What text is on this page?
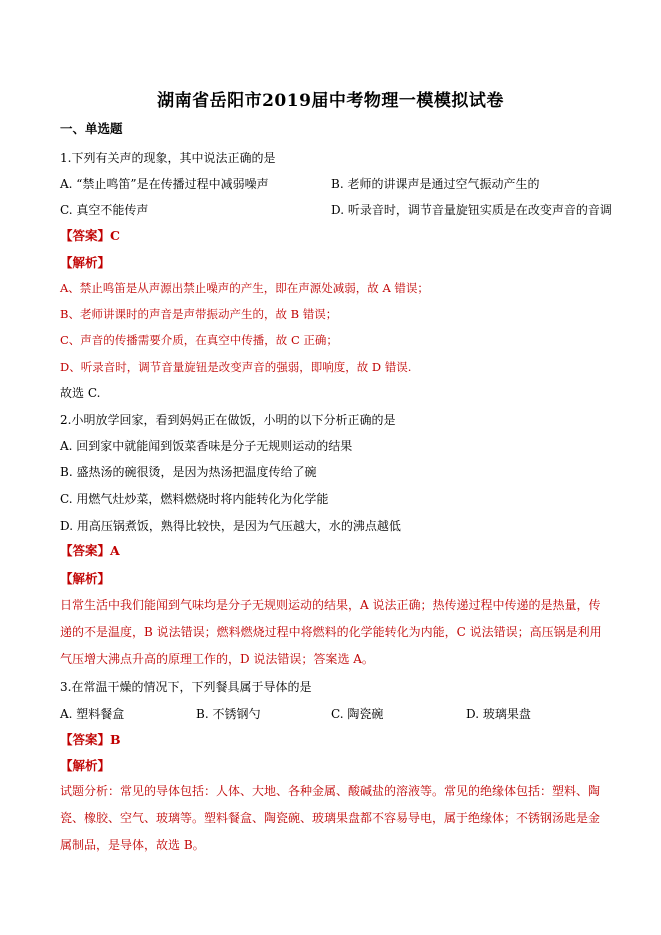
湖南省岳阳市2019届中考物理一模模拟试卷
一、单选题
1.下列有关声的现象，其中说法正确的是
A. “禁止鸣笛”是在传播过程中减弱噪声	B. 老师的讲课声是通过空气振动产生的
C. 真空不能传声	D. 听录音时，调节音量旋钮实质是在改变声音的音调
【答案】C
【解析】
A、禁止鸣笛是从声源出禁止噪声的产生，即在声源处减弱，故 A 错误；
B、老师讲课时的声音是声带振动产生的，故 B 错误；
C、声音的传播需要介质，在真空中传播，故 C 正确；
D、听录音时，调节音量旋钮是改变声音的强弱，即响度，故 D 错误.
故选 C.
2.小明放学回家，看到妈妈正在做饭，小明的以下分析正确的是
A. 回到家中就能闻到饭菜香味是分子无规则运动的结果
B. 盛热汤的碗很烫，是因为热汤把温度传给了碗
C. 用燃气灶炒菜，燃料燃烧时将内能转化为化学能
D. 用高压锅煮饭，熟得比较快，是因为气压越大，水的沸点越低
【答案】A
【解析】
日常生活中我们能闻到气味均是分子无规则运动的结果，A 说法正确；热传递过程中传递的是热量，传递的不是温度，B 说法错误；燃料燃烧过程中将燃料的化学能转化为内能，C 说法错误；高压锅是利用气压增大沸点升高的原理工作的，D 说法错误；答案选 A。
3.在常温干燥的情况下，下列餐具属于导体的是
A. 塑料餐盒	B. 不锈钢勺	C. 陶瓷碗	D. 玻璃果盘
【答案】B
【解析】
试题分析：常见的导体包括：人体、大地、各种金属、酸碱盐的溶液等。常见的绝缘体包括：塑料、陶瓷、橡胶、空气、玻璃等。塑料餐盒、陶瓷碗、玻璃果盘都不容易导电，属于绝缘体；不锈钢汤匙是金属制品，是导体，故选 B。
